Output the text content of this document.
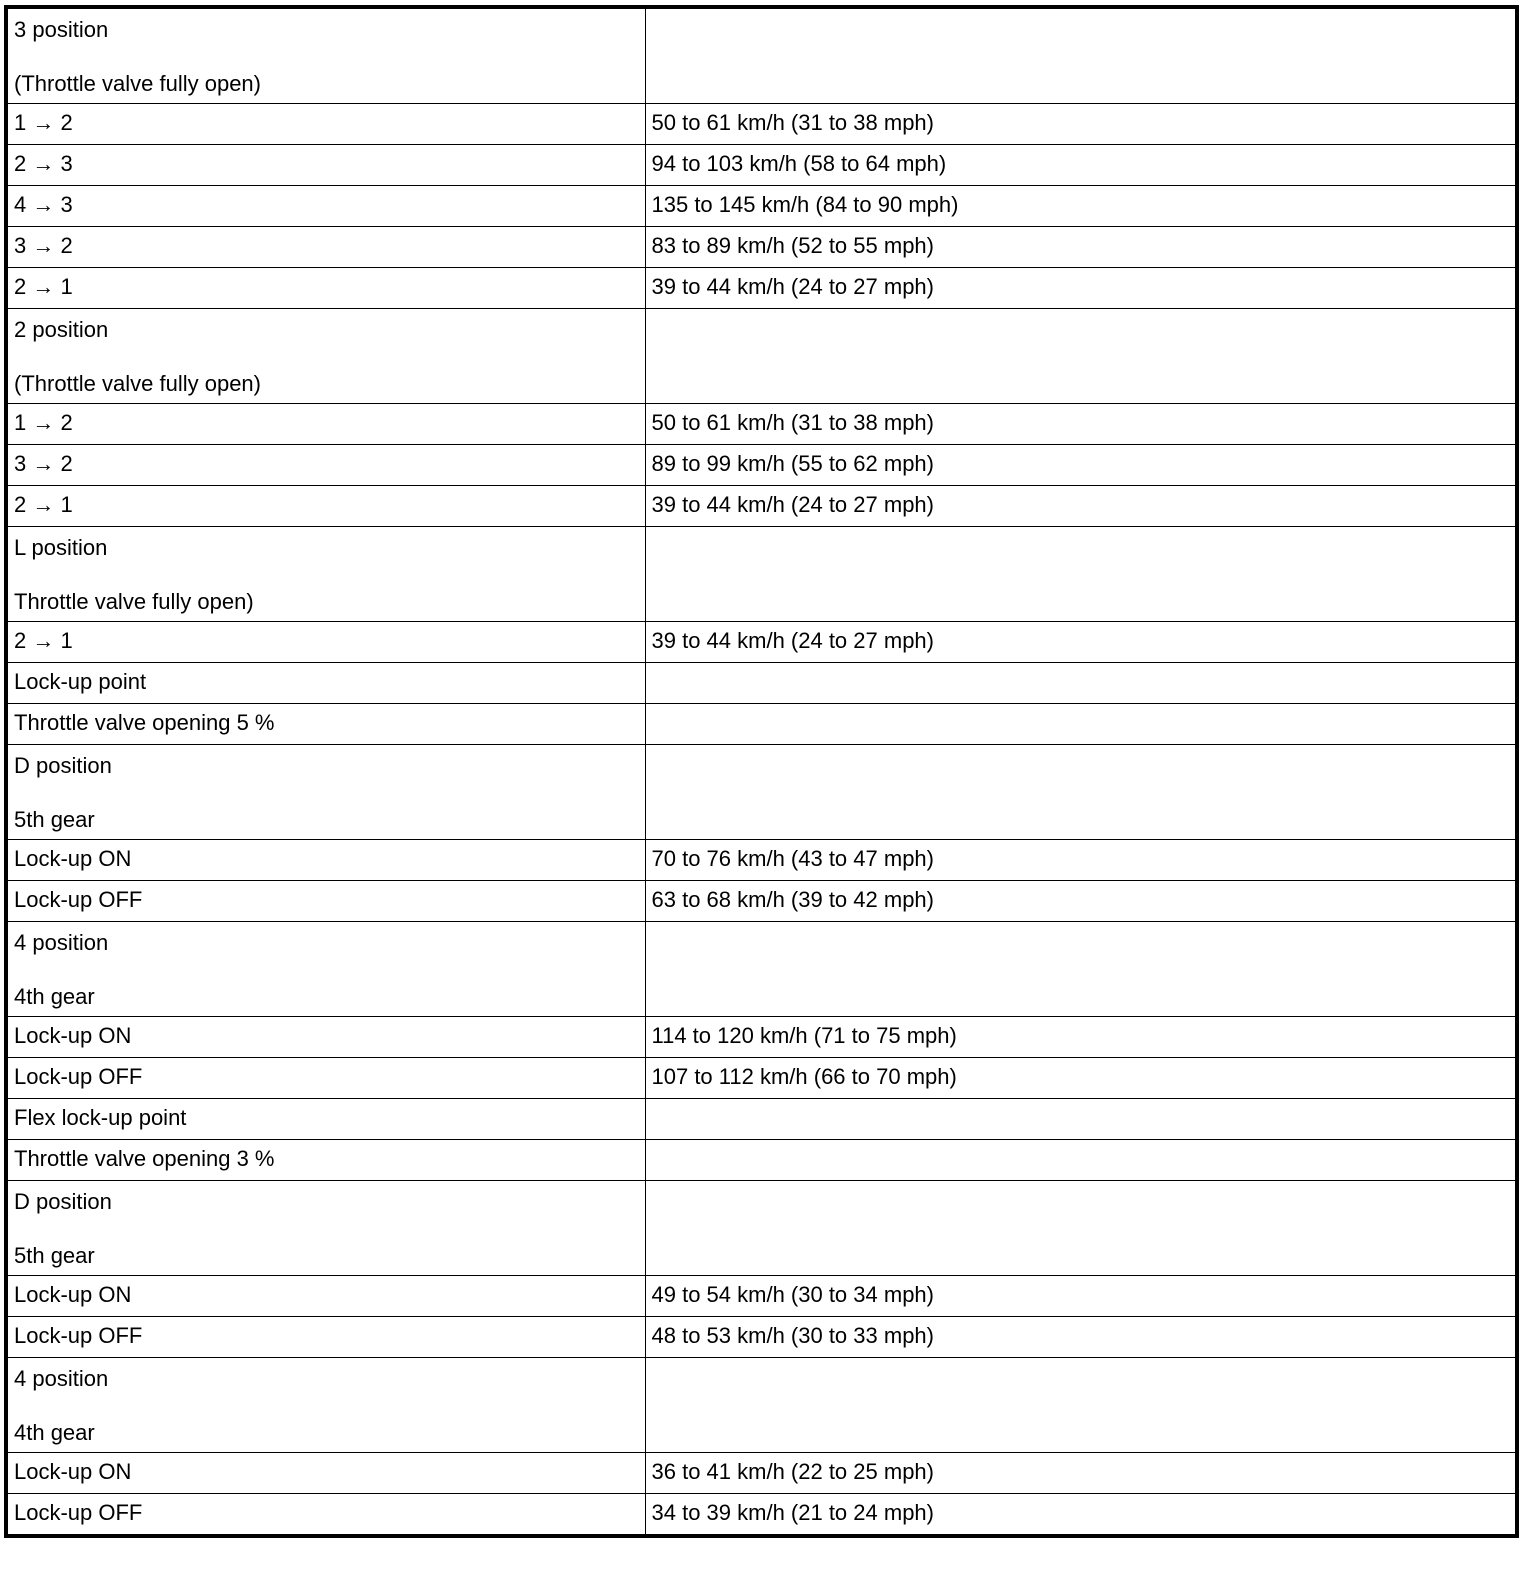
3 position
(Throttle valve fully open)	

1 → 2	50 to 61 km/h (31 to 38 mph)
2 → 3	94 to 103 km/h (58 to 64 mph)
4 → 3	135 to 145 km/h (84 to 90 mph)
3 → 2	83 to 89 km/h (52 to 55 mph)
2 → 1	39 to 44 km/h (24 to 27 mph)

2 position
(Throttle valve fully open)	

1 → 2	50 to 61 km/h (31 to 38 mph)
3 → 2	89 to 99 km/h (55 to 62 mph)
2 → 1	39 to 44 km/h (24 to 27 mph)

L position
Throttle valve fully open)	

2 → 1	39 to 44 km/h (24 to 27 mph)
Lock-up point	
Throttle valve opening 5 %	

D position
5th gear	

Lock-up ON	70 to 76 km/h (43 to 47 mph)
Lock-up OFF	63 to 68 km/h (39 to 42 mph)

4 position
4th gear	

Lock-up ON	114 to 120 km/h (71 to 75 mph)
Lock-up OFF	107 to 112 km/h (66 to 70 mph)
Flex lock-up point	
Throttle valve opening 3 %	

D position
5th gear	

Lock-up ON	49 to 54 km/h (30 to 34 mph)
Lock-up OFF	48 to 53 km/h (30 to 33 mph)

4 position
4th gear	

Lock-up ON	36 to 41 km/h (22 to 25 mph)
Lock-up OFF	34 to 39 km/h (21 to 24 mph)
